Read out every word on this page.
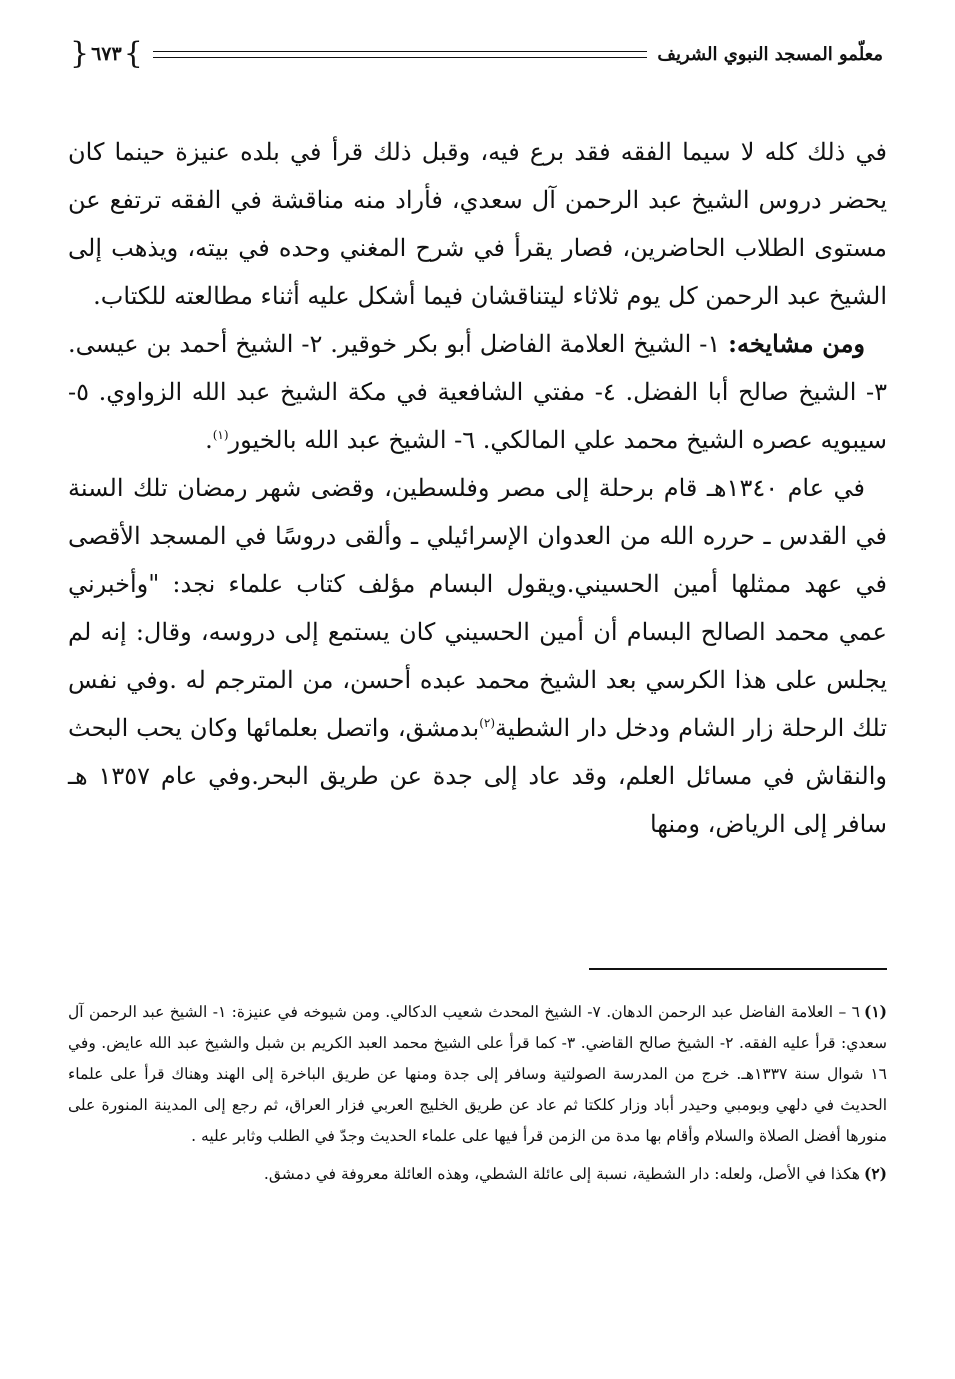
معلّمو المسجد النبوي الشريف
}
٦٧٣
{

في ذلك كله لا سيما الفقه فقد برع فيه، وقبل ذلك قرأ في بلده عنيزة حينما كان يحضر دروس الشيخ عبد الرحمن آل سعدي، فأراد منه مناقشة في الفقه ترتفع عن مستوى الطلاب الحاضرين، فصار يقرأ في شرح المغني وحده في بيته، ويذهب إلى الشيخ عبد الرحمن كل يوم ثلاثاء ليتناقشان فيما أشكل عليه أثناء مطالعته للكتاب.

ومن مشايخه: ١- الشيخ العلامة الفاضل أبو بكر خوقير. ٢- الشيخ أحمد بن عيسى. ٣- الشيخ صالح أبا الفضل. ٤- مفتي الشافعية في مكة الشيخ عبد الله الزواوي. ٥- سيبويه عصره الشيخ محمد علي المالكي. ٦- الشيخ عبد الله بالخيور$^{(١)}$.

في عام ١٣٤٠هـ قام برحلة إلى مصر وفلسطين، وقضى شهر رمضان تلك السنة في القدس ـ حرره الله من العدوان الإسرائيلي ـ وألقى دروسًا في المسجد الأقصى في عهد ممثلها أمين الحسيني.ويقول البسام مؤلف كتاب علماء نجد: "وأخبرني عمي محمد الصالح البسام أن أمين الحسيني كان يستمع إلى دروسه، وقال: إنه لم يجلس على هذا الكرسي بعد الشيخ محمد عبده أحسن، من المترجم له .وفي نفس تلك الرحلة زار الشام ودخل دار الشطية$^{(٢)}$بدمشق، واتصل بعلمائها وكان يحب البحث والنقاش في مسائل العلم، وقد عاد إلى جدة عن طريق البحر.وفي عام ١٣٥٧ هـ سافر إلى الرياض، ومنها

(١)٦ – العلامة الفاضل عبد الرحمن الدهان. ٧- الشيخ المحدث شعيب الدكالي. ومن شيوخه في عنيزة: ١- الشيخ عبد الرحمن آل سعدي: قرأ عليه الفقه. ٢- الشيخ صالح القاضي. ٣- كما قرأ على الشيخ محمد العبد الكريم بن شبل والشيخ عبد الله عايض. وفي ١٦ شوال سنة ١٣٣٧هـ. خرج من المدرسة الصولتية وسافر إلى جدة ومنها عن طريق الباخرة إلى الهند وهناك قرأ على علماء الحديث في دلهي وبومبي وحيدر أباد وزار كلكتا ثم عاد عن طريق الخليج العربي فزار العراق، ثم رجع إلى المدينة المنورة على منورها أفضل الصلاة والسلام وأقام بها مدة من الزمن قرأ فيها على علماء الحديث وجدّ في الطلب وثابر عليه .

(٢)هكذا في الأصل، ولعله: دار الشطية، نسبة إلى عائلة الشطي، وهذه العائلة معروفة في دمشق.
